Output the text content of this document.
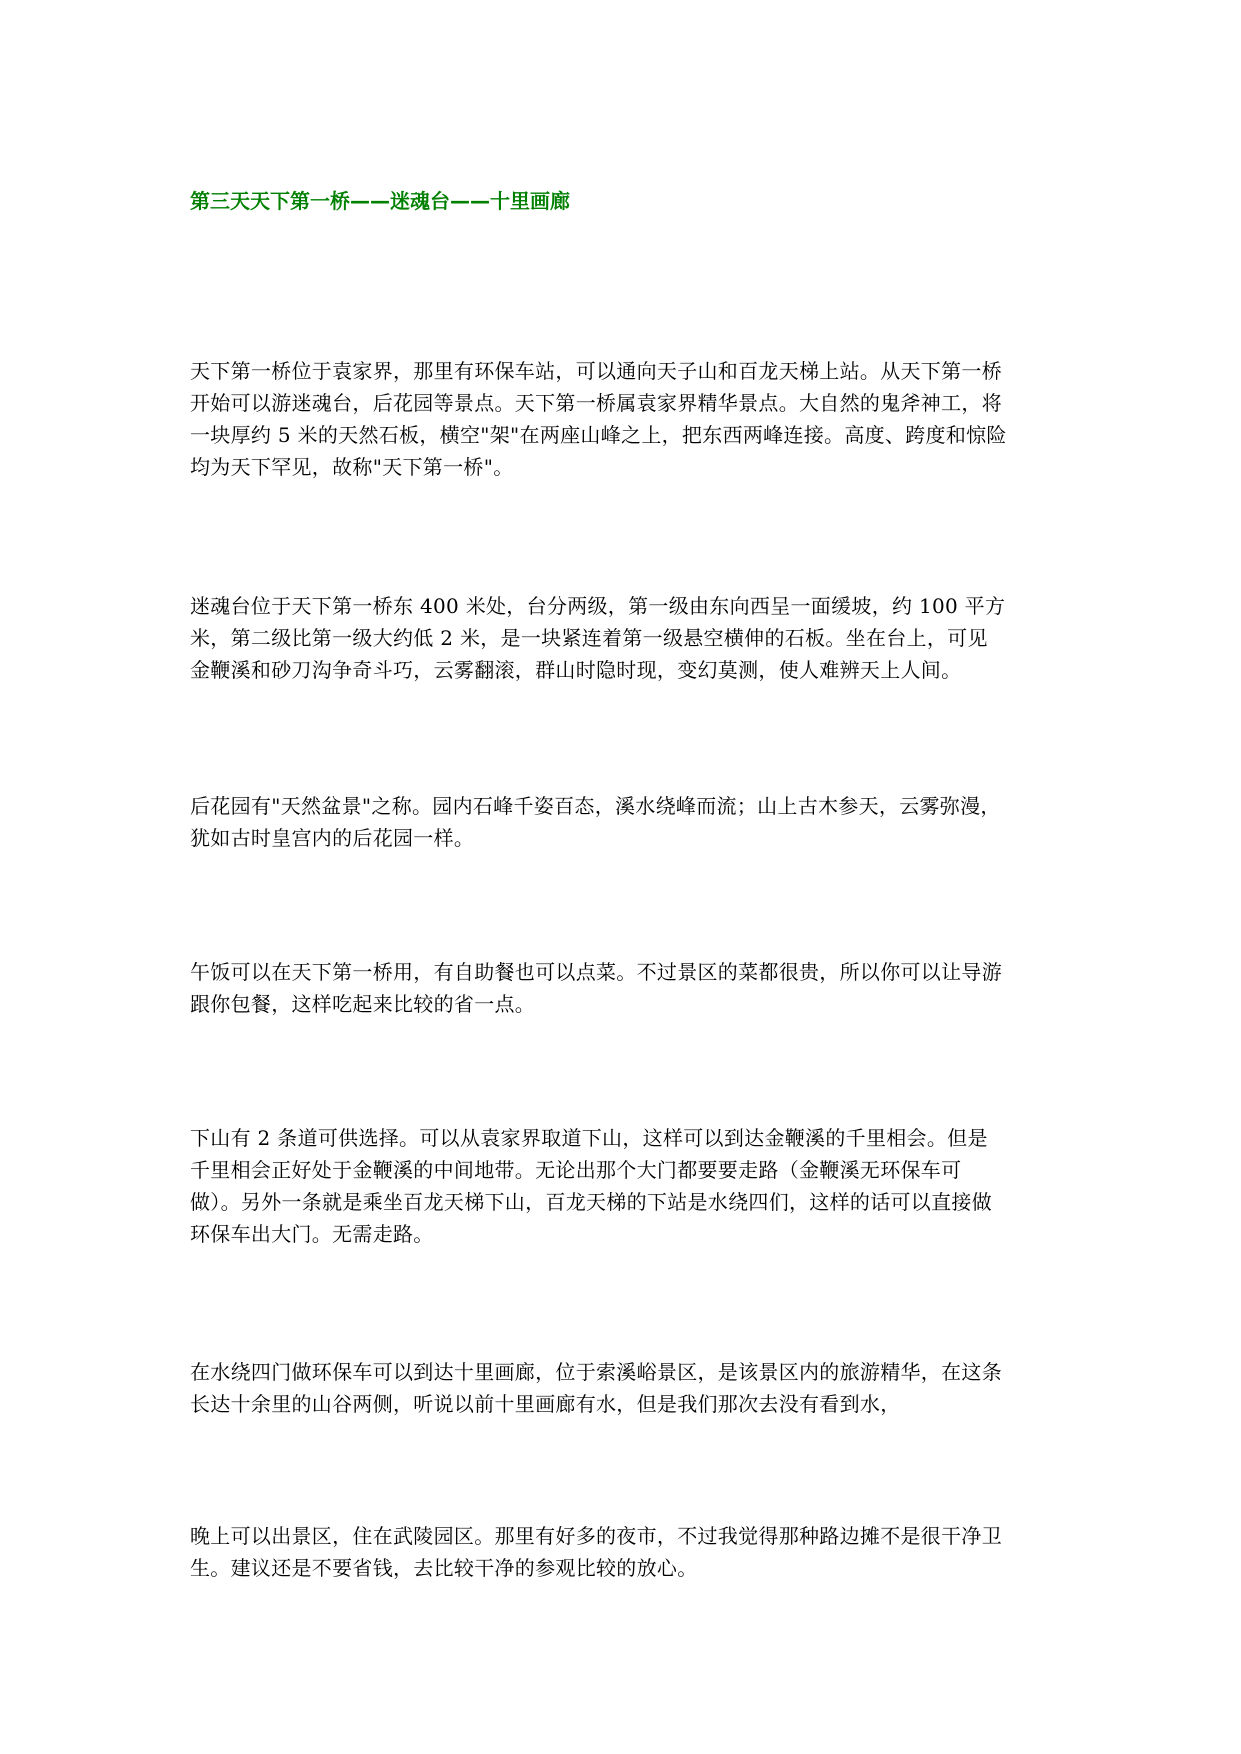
第三天天下第一桥——迷魂台——十里画廊

天下第一桥位于袁家界，那里有环保车站，可以通向天子山和百龙天梯上站。从天下第一桥
开始可以游迷魂台，后花园等景点。天下第一桥属袁家界精华景点。大自然的鬼斧神工，将
一块厚约 5 米的天然石板，横空"架"在两座山峰之上，把东西两峰连接。高度、跨度和惊险
均为天下罕见，故称"天下第一桥"。

迷魂台位于天下第一桥东 400 米处，台分两级，第一级由东向西呈一面缓坡，约 100 平方
米，第二级比第一级大约低 2 米，是一块紧连着第一级悬空横伸的石板。坐在台上，可见
金鞭溪和砂刀沟争奇斗巧，云雾翻滚，群山时隐时现，变幻莫测，使人难辨天上人间。

后花园有"天然盆景"之称。园内石峰千姿百态，溪水绕峰而流；山上古木参天，云雾弥漫，
犹如古时皇宫内的后花园一样。

午饭可以在天下第一桥用，有自助餐也可以点菜。不过景区的菜都很贵，所以你可以让导游
跟你包餐，这样吃起来比较的省一点。

下山有 2 条道可供选择。可以从袁家界取道下山，这样可以到达金鞭溪的千里相会。但是
千里相会正好处于金鞭溪的中间地带。无论出那个大门都要要走路（金鞭溪无环保车可
做）。另外一条就是乘坐百龙天梯下山，百龙天梯的下站是水绕四们，这样的话可以直接做
环保车出大门。无需走路。

在水绕四门做环保车可以到达十里画廊，位于索溪峪景区，是该景区内的旅游精华，在这条
长达十余里的山谷两侧，听说以前十里画廊有水，但是我们那次去没有看到水，

晚上可以出景区，住在武陵园区。那里有好多的夜市，不过我觉得那种路边摊不是很干净卫
生。建议还是不要省钱，去比较干净的参观比较的放心。
